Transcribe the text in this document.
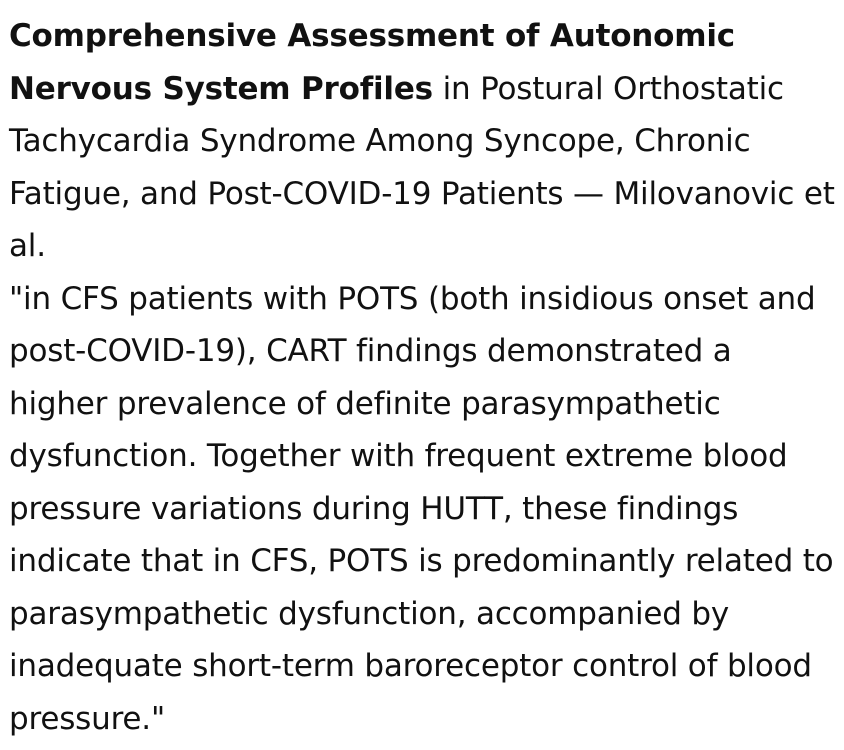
Comprehensive Assessment of Autonomic Nervous System Profiles in Postural Orthostatic Tachycardia Syndrome Among Syncope, Chronic Fatigue, and Post-COVID-19 Patients — Milovanovic et al.

"in CFS patients with POTS (both insidious onset and post-COVID-19), CART findings demonstrated a higher prevalence of definite parasympathetic dysfunction. Together with frequent extreme blood pressure variations during HUTT, these findings indicate that in CFS, POTS is predominantly related to parasympathetic dysfunction, accompanied by inadequate short-term baroreceptor control of blood pressure."
